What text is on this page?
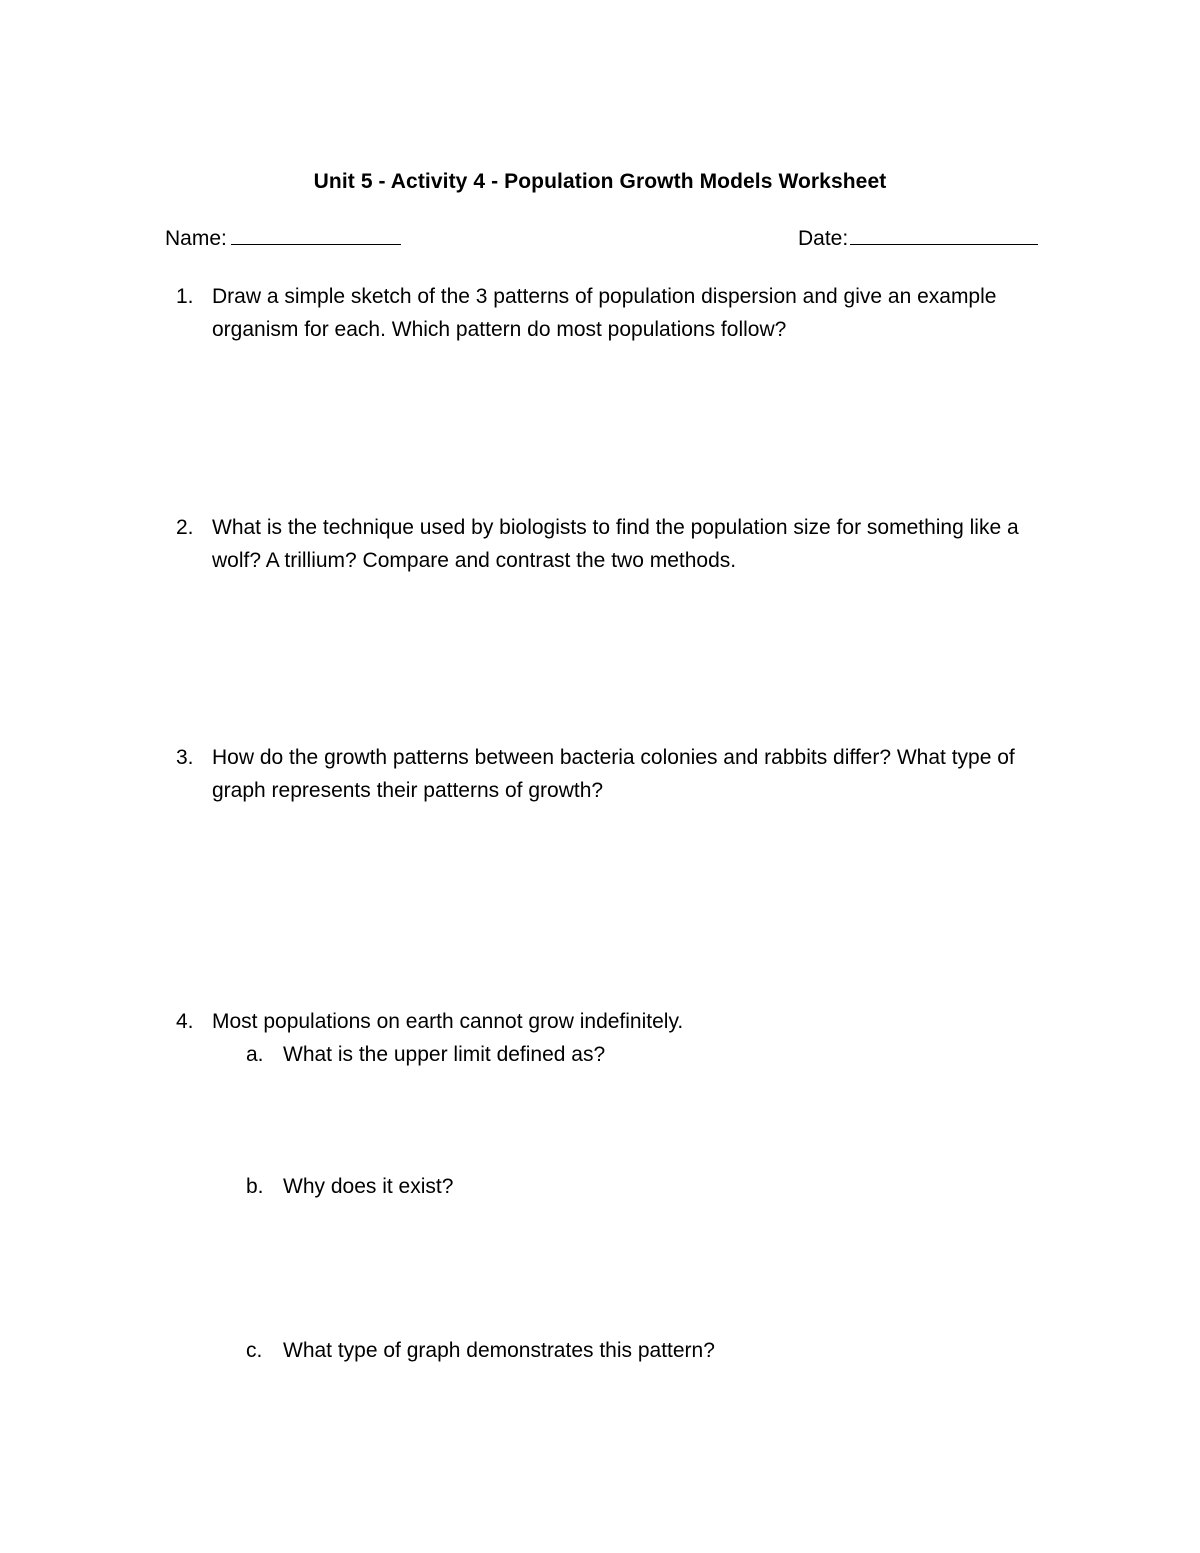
Unit 5 - Activity 4 - Population Growth Models Worksheet
Name:	Date:
1. Draw a simple sketch of the 3 patterns of population dispersion and give an example organism for each. Which pattern do most populations follow?
2. What is the technique used by biologists to find the population size for something like a wolf? A trillium? Compare and contrast the two methods.
3. How do the growth patterns between bacteria colonies and rabbits differ? What type of graph represents their patterns of growth?
4. Most populations on earth cannot grow indefinitely.
a. What is the upper limit defined as?
b. Why does it exist?
c. What type of graph demonstrates this pattern?
